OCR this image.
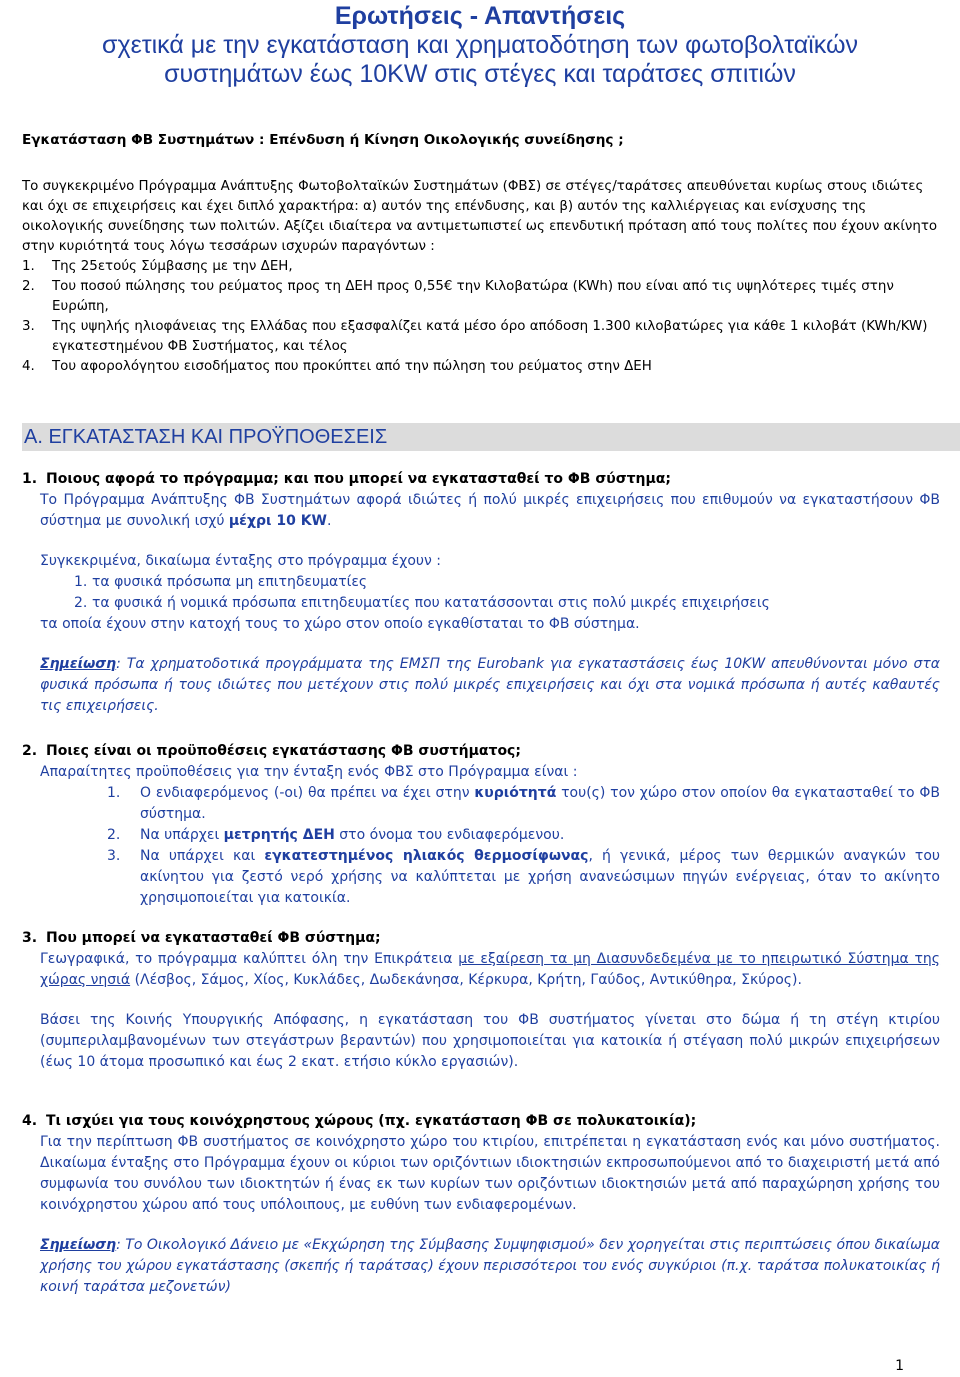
Ερωτήσεις - Απαντήσεις
σχετικά με την εγκατάσταση και χρηματοδότηση των φωτοβολταϊκών
συστημάτων έως 10KW στις στέγες και ταράτσες σπιτιών
Εγκατάσταση ΦΒ Συστημάτων : Επένδυση ή Κίνηση Οικολογικής συνείδησης ;
Το συγκεκριμένο Πρόγραμμα Ανάπτυξης Φωτοβολταϊκών Συστημάτων (ΦΒΣ) σε στέγες/ταράτσες απευθύνεται κυρίως στους ιδιώτες και όχι σε επιχειρήσεις και έχει διπλό χαρακτήρα: α) αυτόν της επένδυσης, και β) αυτόν της καλλιέργειας και ενίσχυσης της οικολογικής συνείδησης των πολιτών. Αξίζει ιδιαίτερα να αντιμετωπιστεί ως επενδυτική πρόταση από τους πολίτες που έχουν ακίνητο στην κυριότητά τους λόγω τεσσάρων ισχυρών παραγόντων :
1. Της 25ετούς Σύμβασης με την ΔΕΗ,
2. Του ποσού πώλησης του ρεύματος προς τη ΔΕΗ προς 0,55€ την Κιλοβατώρα (KWh) που είναι από τις υψηλότερες τιμές στην Ευρώπη,
3. Της υψηλής ηλιοφάνειας της Ελλάδας που εξασφαλίζει κατά μέσο όρο απόδοση 1.300 κιλοβατώρες για κάθε 1 κιλοβάτ (KWh/KW) εγκατεστημένου ΦΒ Συστήματος, και τέλος
4. Του αφορολόγητου εισοδήματος που προκύπτει από την πώληση του ρεύματος στην ΔΕΗ
Α. ΕΓΚΑΤΑΣΤΑΣΗ ΚΑΙ ΠΡΟΫΠΟΘΕΣΕΙΣ
1. Ποιους αφορά το πρόγραμμα; και που μπορεί να εγκατασταθεί το ΦΒ σύστημα;
Το Πρόγραμμα Ανάπτυξης ΦΒ Συστημάτων αφορά ιδιώτες ή πολύ μικρές επιχειρήσεις που επιθυμούν να εγκαταστήσουν ΦΒ σύστημα με συνολική ισχύ μέχρι 10 KW.
Συγκεκριμένα, δικαίωμα ένταξης στο πρόγραμμα έχουν :
1. τα φυσικά πρόσωπα μη επιτηδευματίες
2. τα φυσικά ή νομικά πρόσωπα επιτηδευματίες που κατατάσσονται στις πολύ μικρές επιχειρήσεις
τα οποία έχουν στην κατοχή τους το χώρο στον οποίο εγκαθίσταται το ΦΒ σύστημα.
Σημείωση: Τα χρηματοδοτικά προγράμματα της ΕΜΣΠ της Eurobank για εγκαταστάσεις έως 10KW απευθύνονται μόνο στα φυσικά πρόσωπα ή τους ιδιώτες που μετέχουν στις πολύ μικρές επιχειρήσεις και όχι στα νομικά πρόσωπα ή αυτές καθαυτές τις επιχειρήσεις.
2. Ποιες είναι οι προϋποθέσεις εγκατάστασης ΦΒ συστήματος;
Απαραίτητες προϋποθέσεις για την ένταξη ενός ΦΒΣ στο Πρόγραμμα είναι :
1. Ο ενδιαφερόμενος (-οι) θα πρέπει να έχει στην κυριότητά του(ς) τον χώρο στον οποίον θα εγκατασταθεί το ΦΒ σύστημα.
2. Να υπάρχει μετρητής ΔΕΗ στο όνομα του ενδιαφερόμενου.
3. Να υπάρχει και εγκατεστημένος ηλιακός θερμοσίφωνας, ή γενικά, μέρος των θερμικών αναγκών του ακίνητου για ζεστό νερό χρήσης να καλύπτεται με χρήση ανανεώσιμων πηγών ενέργειας, όταν το ακίνητο χρησιμοποιείται για κατοικία.
3. Που μπορεί να εγκατασταθεί ΦΒ σύστημα;
Γεωγραφικά, το πρόγραμμα καλύπτει όλη την Επικράτεια με εξαίρεση τα μη Διασυνδεδεμένα με το ηπειρωτικό Σύστημα της χώρας νησιά (Λέσβος, Σάμος, Χίος, Κυκλάδες, Δωδεκάνησα, Κέρκυρα, Κρήτη, Γαύδος, Αντικύθηρα, Σκύρος).
Βάσει της Κοινής Υπουργικής Απόφασης, η εγκατάσταση του ΦΒ συστήματος γίνεται στο δώμα ή τη στέγη κτιρίου (συμπεριλαμβανομένων των στεγάστρων βεραντών) που χρησιμοποιείται για κατοικία ή στέγαση πολύ μικρών επιχειρήσεων (έως 10 άτομα προσωπικό και έως 2 εκατ. ετήσιο κύκλο εργασιών).
4. Τι ισχύει για τους κοινόχρηστους χώρους (πχ. εγκατάσταση ΦΒ σε πολυκατοικία);
Για την περίπτωση ΦΒ συστήματος σε κοινόχρηστο χώρο του κτιρίου, επιτρέπεται η εγκατάσταση ενός και μόνο συστήματος. Δικαίωμα ένταξης στο Πρόγραμμα έχουν οι κύριοι των οριζόντιων ιδιοκτησιών εκπροσωπούμενοι από το διαχειριστή μετά από συμφωνία του συνόλου των ιδιοκτητών ή ένας εκ των κυρίων των οριζόντιων ιδιοκτησιών μετά από παραχώρηση χρήσης του κοινόχρηστου χώρου από τους υπόλοιπους, με ευθύνη των ενδιαφερομένων.
Σημείωση: Το Οικολογικό Δάνειο με «Εκχώρηση της Σύμβασης Συμψηφισμού» δεν χορηγείται στις περιπτώσεις όπου δικαίωμα χρήσης του χώρου εγκατάστασης (σκεπής ή ταράτσας) έχουν περισσότεροι του ενός συγκύριοι (π.χ. ταράτσα πολυκατοικίας ή κοινή ταράτσα μεζονετών)
1
